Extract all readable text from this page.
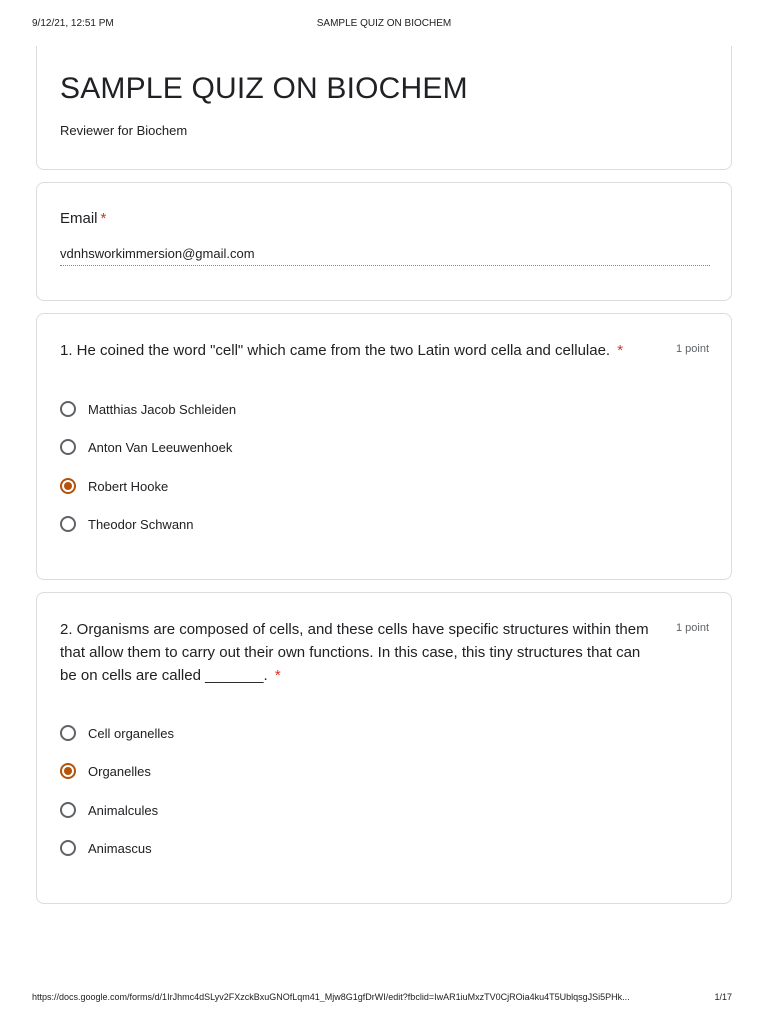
9/12/21, 12:51 PM	SAMPLE QUIZ ON BIOCHEM
SAMPLE QUIZ ON BIOCHEM
Reviewer for Biochem
Email *
vdnhsworkimmersion@gmail.com
1. He coined the word "cell" which came from the two Latin word cella and cellulae. *	1 point
Matthias Jacob Schleiden
Anton Van Leeuwenhoek
Robert Hooke
Theodor Schwann
2. Organisms are composed of cells, and these cells have specific structures within them that allow them to carry out their own functions. In this case, this tiny structures that can be on cells are called _______. *
1 point
Cell organelles
Organelles
Animalcules
Animascus
https://docs.google.com/forms/d/1IrJhmc4dSLyv2FXzckBxuGNOfLqm41_Mjw8G1gfDrWI/edit?fbclid=IwAR1iuMxzTV0CjROia4ku4T5UblqsgJSi5PHk...	1/17
